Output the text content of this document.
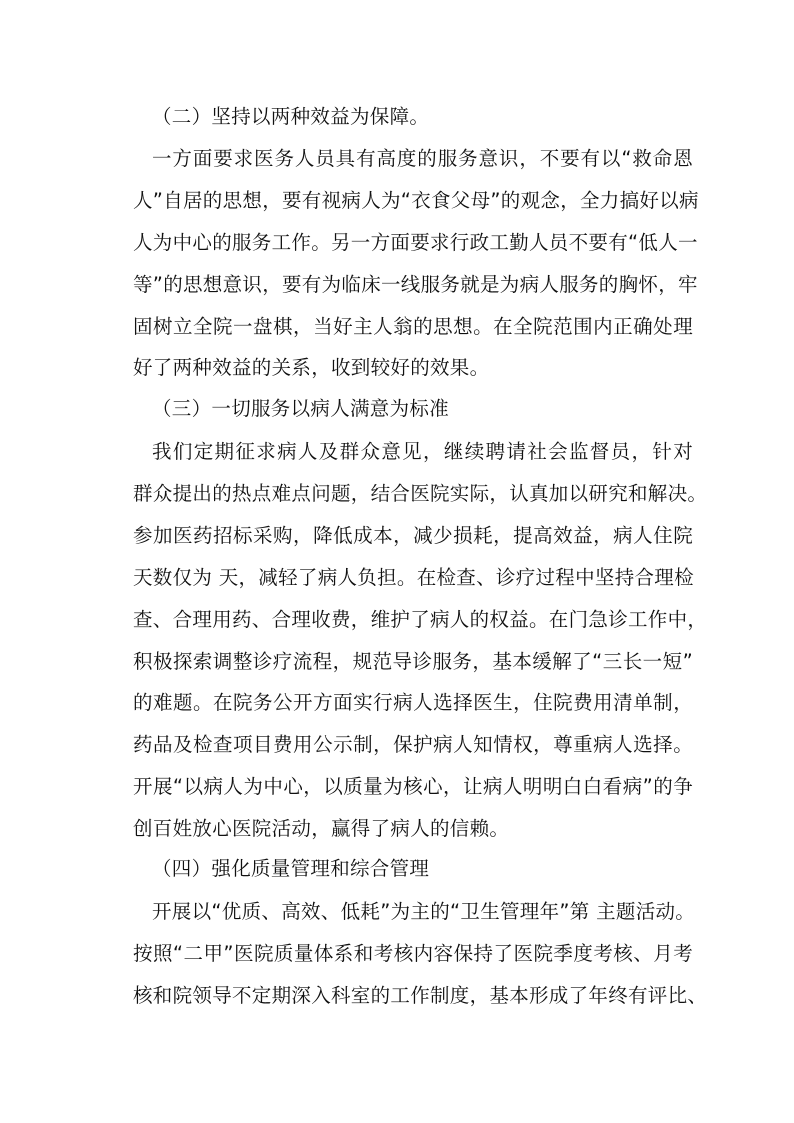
（二）坚持以两种效益为保障。
一方面要求医务人员具有高度的服务意识，不要有以“救命恩
人”自居的思想，要有视病人为“衣食父母”的观念，全力搞好以病
人为中心的服务工作。另一方面要求行政工勤人员不要有“低人一
等”的思想意识，要有为临床一线服务就是为病人服务的胸怀，牢
固树立全院一盘棋，当好主人翁的思想。在全院范围内正确处理
好了两种效益的关系，收到较好的效果。
（三）一切服务以病人满意为标准
我们定期征求病人及群众意见，继续聘请社会监督员，针对
群众提出的热点难点问题，结合医院实际，认真加以研究和解决。
参加医药招标采购，降低成本，减少损耗，提高效益，病人住院
天数仅为 天，减轻了病人负担。在检查、诊疗过程中坚持合理检
查、合理用药、合理收费，维护了病人的权益。在门急诊工作中，
积极探索调整诊疗流程，规范导诊服务，基本缓解了“三长一短”
的难题。在院务公开方面实行病人选择医生，住院费用清单制，
药品及检查项目费用公示制，保护病人知情权，尊重病人选择。
开展“以病人为中心，以质量为核心，让病人明明白白看病”的争
创百姓放心医院活动，赢得了病人的信赖。
（四）强化质量管理和综合管理
开展以“优质、高效、低耗”为主的“卫生管理年”第 主题活动。
按照“二甲”医院质量体系和考核内容保持了医院季度考核、月考
核和院领导不定期深入科室的工作制度，基本形成了年终有评比、
